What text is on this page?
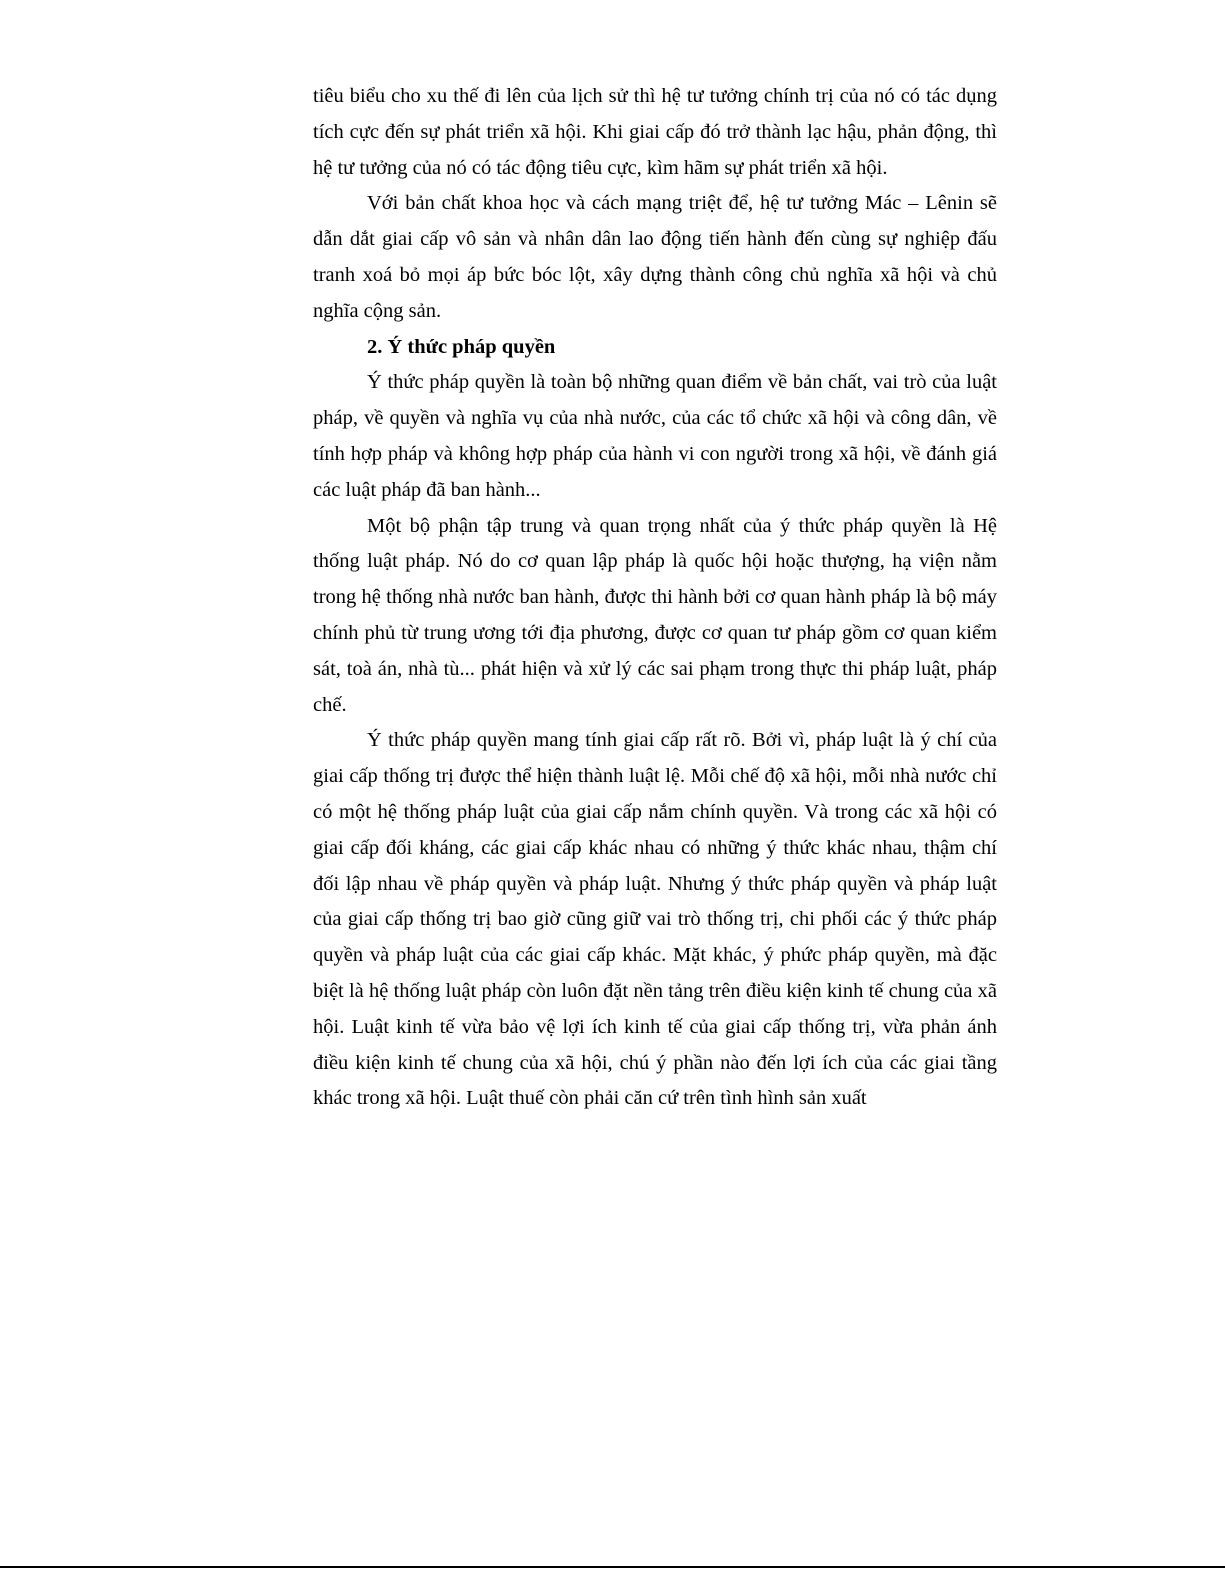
tiêu biểu cho xu thế đi lên của lịch sử thì hệ tư tưởng chính trị của nó có tác dụng tích cực đến sự phát triển xã hội. Khi giai cấp đó trở thành lạc hậu, phản động, thì hệ tư tưởng của nó có tác động tiêu cực, kìm hãm sự phát triển xã hội.

Với bản chất khoa học và cách mạng triệt để, hệ tư tưởng Mác – Lênin sẽ dẫn dắt giai cấp vô sản và nhân dân lao động tiến hành đến cùng sự nghiệp đấu tranh xoá bỏ mọi áp bức bóc lột, xây dựng thành công chủ nghĩa xã hội và chủ nghĩa cộng sản.

2. Ý thức pháp quyền

Ý thức pháp quyền là toàn bộ những quan điểm về bản chất, vai trò của luật pháp, về quyền và nghĩa vụ của nhà nước, của các tổ chức xã hội và công dân, về tính hợp pháp và không hợp pháp của hành vi con người trong xã hội, về đánh giá các luật pháp đã ban hành...

Một bộ phận tập trung và quan trọng nhất của ý thức pháp quyền là Hệ thống luật pháp. Nó do cơ quan lập pháp là quốc hội hoặc thượng, hạ viện nằm trong hệ thống nhà nước ban hành, được thi hành bởi cơ quan hành pháp là bộ máy chính phủ từ trung ương tới địa phương, được cơ quan tư pháp gồm cơ quan kiểm sát, toà án, nhà tù... phát hiện và xử lý các sai phạm trong thực thi pháp luật, pháp chế.

Ý thức pháp quyền mang tính giai cấp rất rõ. Bởi vì, pháp luật là ý chí của giai cấp thống trị được thể hiện thành luật lệ. Mỗi chế độ xã hội, mỗi nhà nước chỉ có một hệ thống pháp luật của giai cấp nắm chính quyền. Và trong các xã hội có giai cấp đối kháng, các giai cấp khác nhau có những ý thức khác nhau, thậm chí đối lập nhau về pháp quyền và pháp luật. Nhưng ý thức pháp quyền và pháp luật của giai cấp thống trị bao giờ cũng giữ vai trò thống trị, chi phối các ý thức pháp quyền và pháp luật của các giai cấp khác. Mặt khác, ý phức pháp quyền, mà đặc biệt là hệ thống luật pháp còn luôn đặt nền tảng trên điều kiện kinh tế chung của xã hội. Luật kinh tế vừa bảo vệ lợi ích kinh tế của giai cấp thống trị, vừa phản ánh điều kiện kinh tế chung của xã hội, chú ý phần nào đến lợi ích của các giai tầng khác trong xã hội. Luật thuế còn phải căn cứ trên tình hình sản xuất
